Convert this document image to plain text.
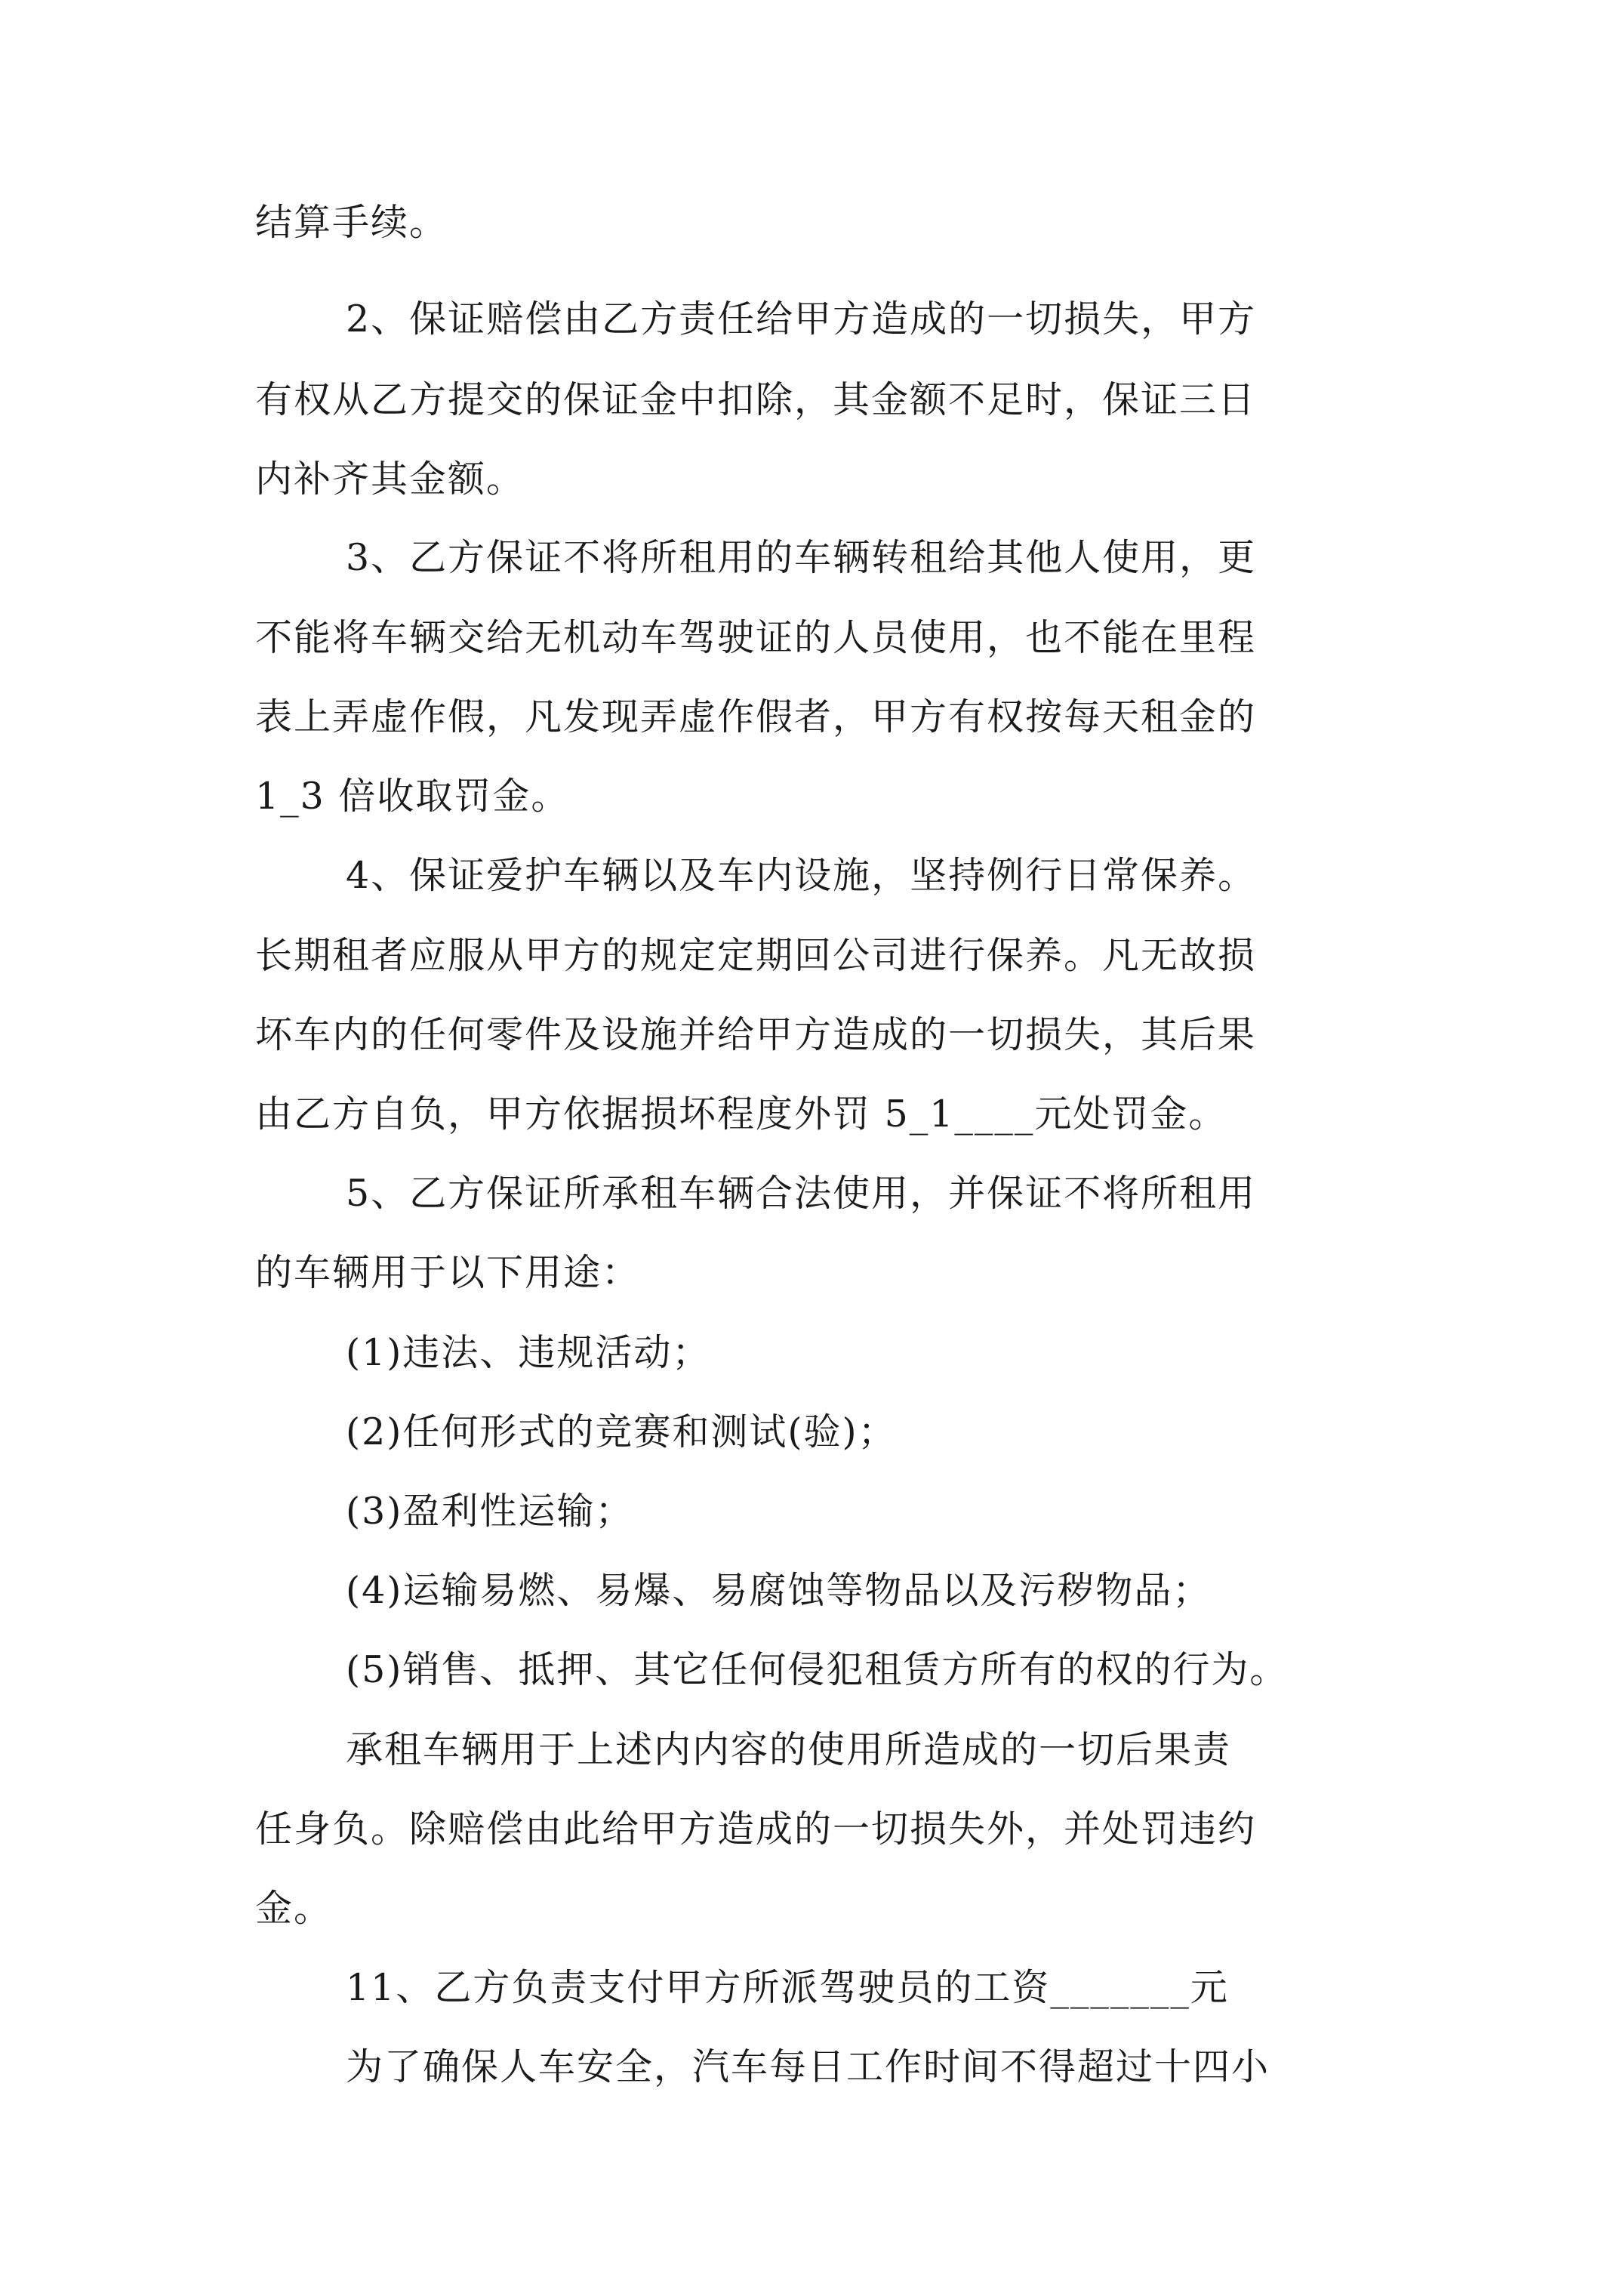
结算手续。
2、保证赔偿由乙方责任给甲方造成的一切损失，甲方
有权从乙方提交的保证金中扣除，其金额不足时，保证三日
内补齐其金额。
3、乙方保证不将所租用的车辆转租给其他人使用，更
不能将车辆交给无机动车驾驶证的人员使用，也不能在里程
表上弄虚作假，凡发现弄虚作假者，甲方有权按每天租金的
1_3 倍收取罚金。
4、保证爱护车辆以及车内设施，坚持例行日常保养。
长期租者应服从甲方的规定定期回公司进行保养。凡无故损
坏车内的任何零件及设施并给甲方造成的一切损失，其后果
由乙方自负，甲方依据损坏程度外罚 5_1____元处罚金。
5、乙方保证所承租车辆合法使用，并保证不将所租用
的车辆用于以下用途：
(1)违法、违规活动；
(2)任何形式的竞赛和测试(验)；
(3)盈利性运输；
(4)运输易燃、易爆、易腐蚀等物品以及污秽物品；
(5)销售、抵押、其它任何侵犯租赁方所有的权的行为。
承租车辆用于上述内内容的使用所造成的一切后果责
任身负。除赔偿由此给甲方造成的一切损失外，并处罚违约
金。
11、乙方负责支付甲方所派驾驶员的工资_______元
为了确保人车安全，汽车每日工作时间不得超过十四小
